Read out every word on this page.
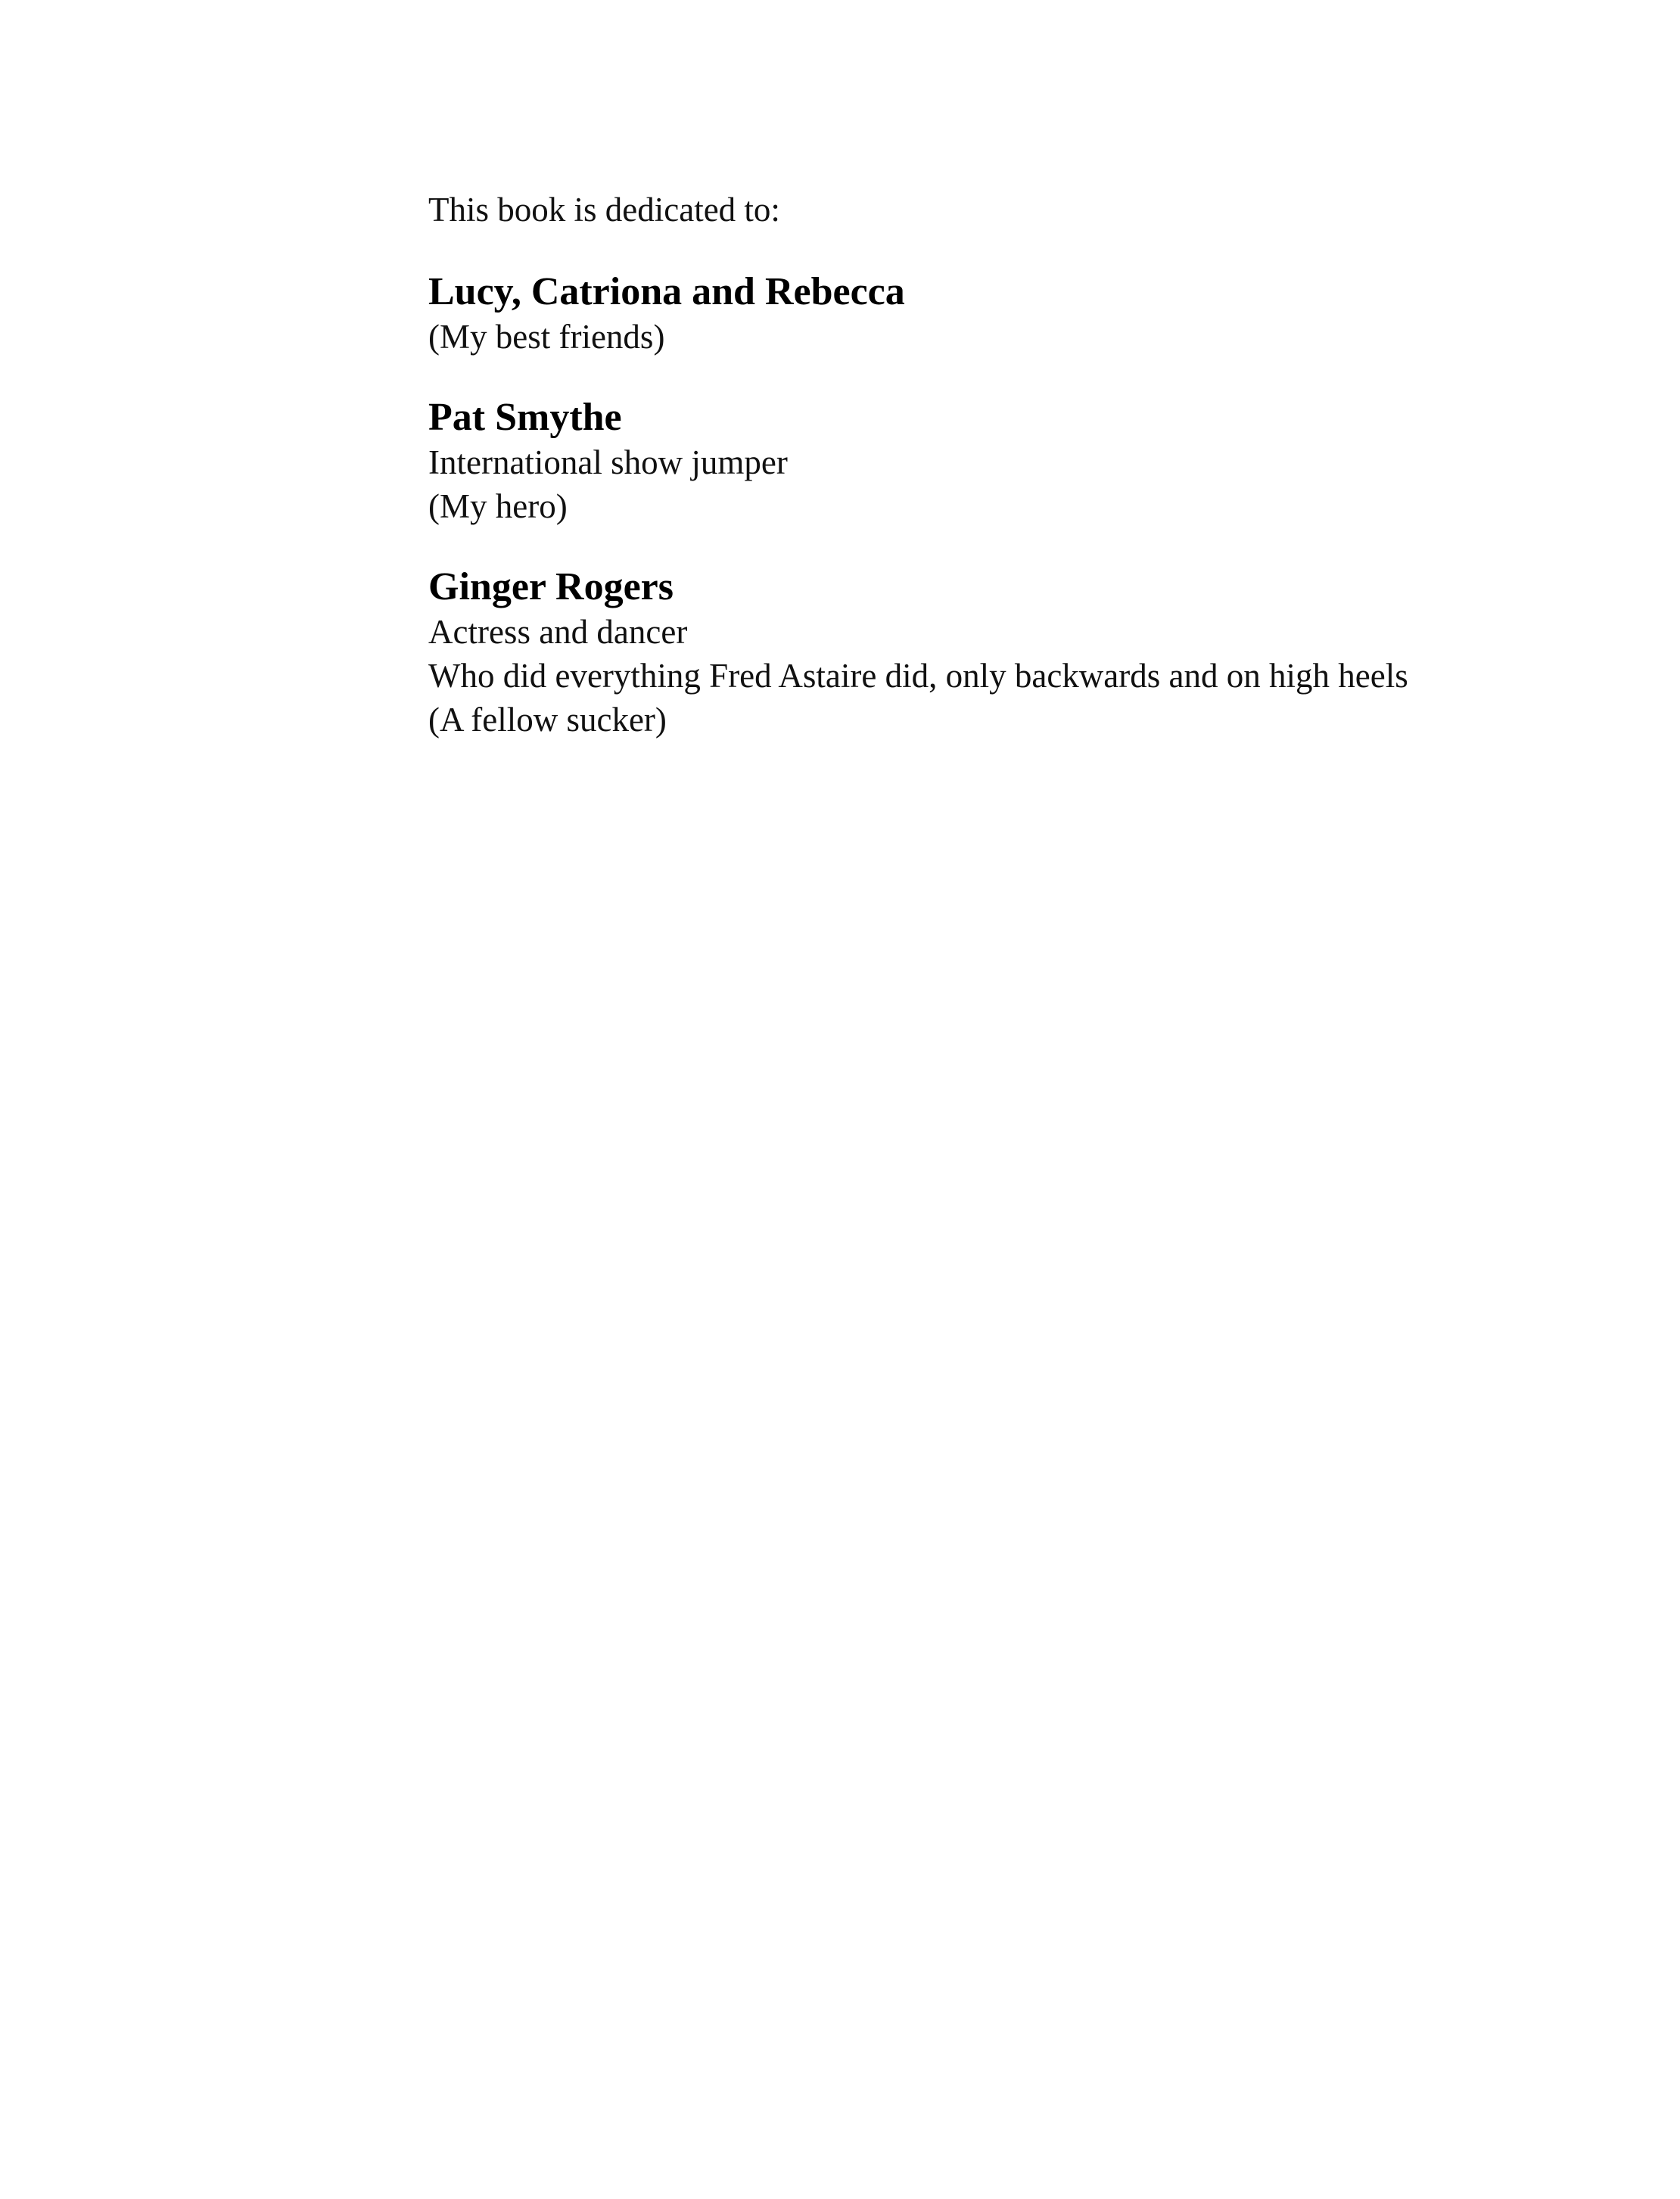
This book is dedicated to:

Lucy, Catriona and Rebecca

(My best friends)

Pat Smythe

International show jumper

(My hero)

Ginger Rogers

Actress and dancer

Who did everything Fred Astaire did, only backwards and on high heels

(A fellow sucker)
